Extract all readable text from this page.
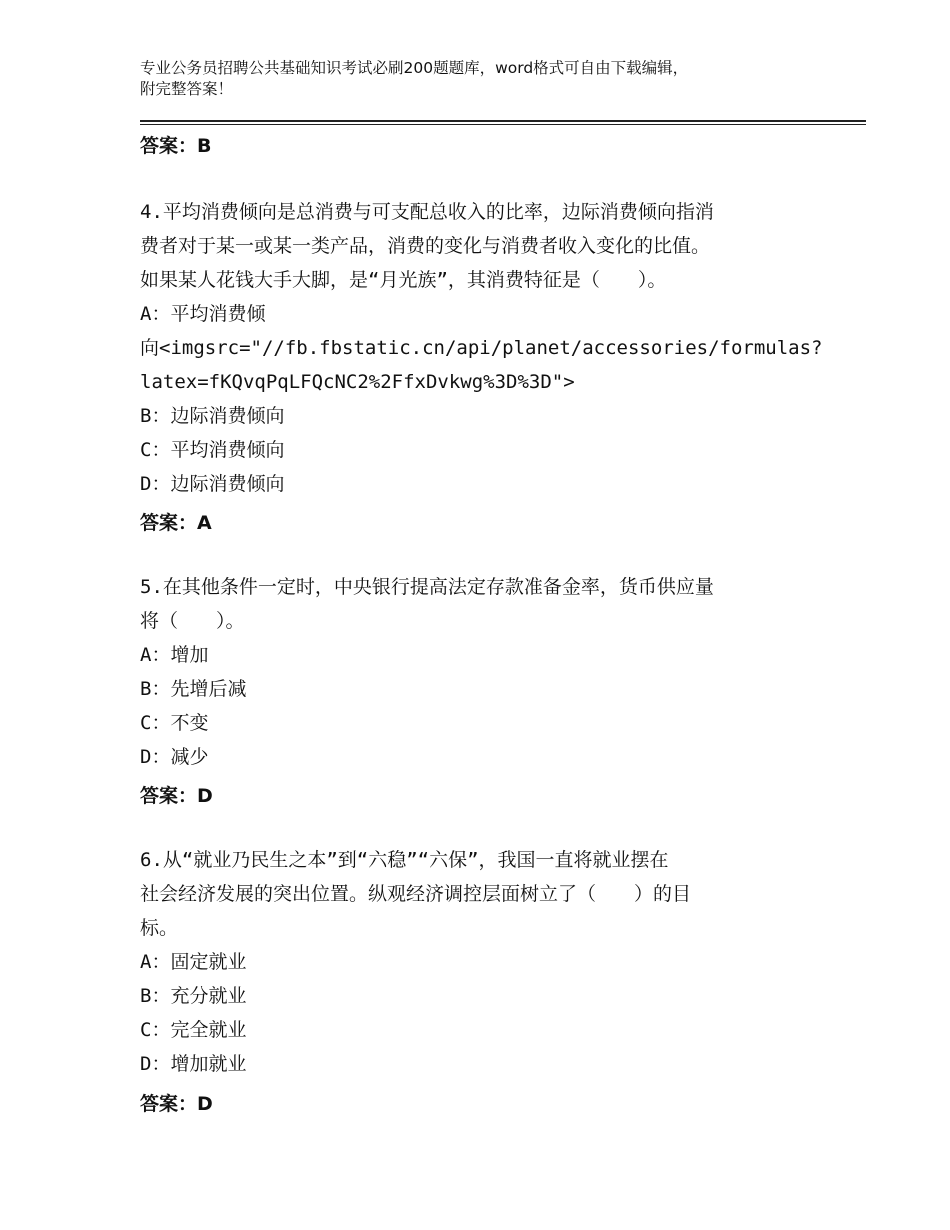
专业公务员招聘公共基础知识考试必刷200题题库，word格式可自由下载编辑，
附完整答案！
答案：B
4.平均消费倾向是总消费与可支配总收入的比率，边际消费倾向指消
费者对于某一或某一类产品，消费的变化与消费者收入变化的比值。
如果某人花钱大手大脚，是“月光族”，其消费特征是（　　）。
A：平均消费倾
向<imgsrc="//fb.fbstatic.cn/api/planet/accessories/formulas?
latex=fKQvqPqLFQcNC2%2FfxDvkwg%3D%3D">
B：边际消费倾向
C：平均消费倾向
D：边际消费倾向
答案：A
5.在其他条件一定时，中央银行提高法定存款准备金率，货币供应量
将（　　）。
A：增加
B：先增后减
C：不变
D：减少
答案：D
6.从“就业乃民生之本”到“六稳”“六保”，我国一直将就业摆在
社会经济发展的突出位置。纵观经济调控层面树立了（　　）的目
标。
A：固定就业
B：充分就业
C：完全就业
D：增加就业
答案：D
